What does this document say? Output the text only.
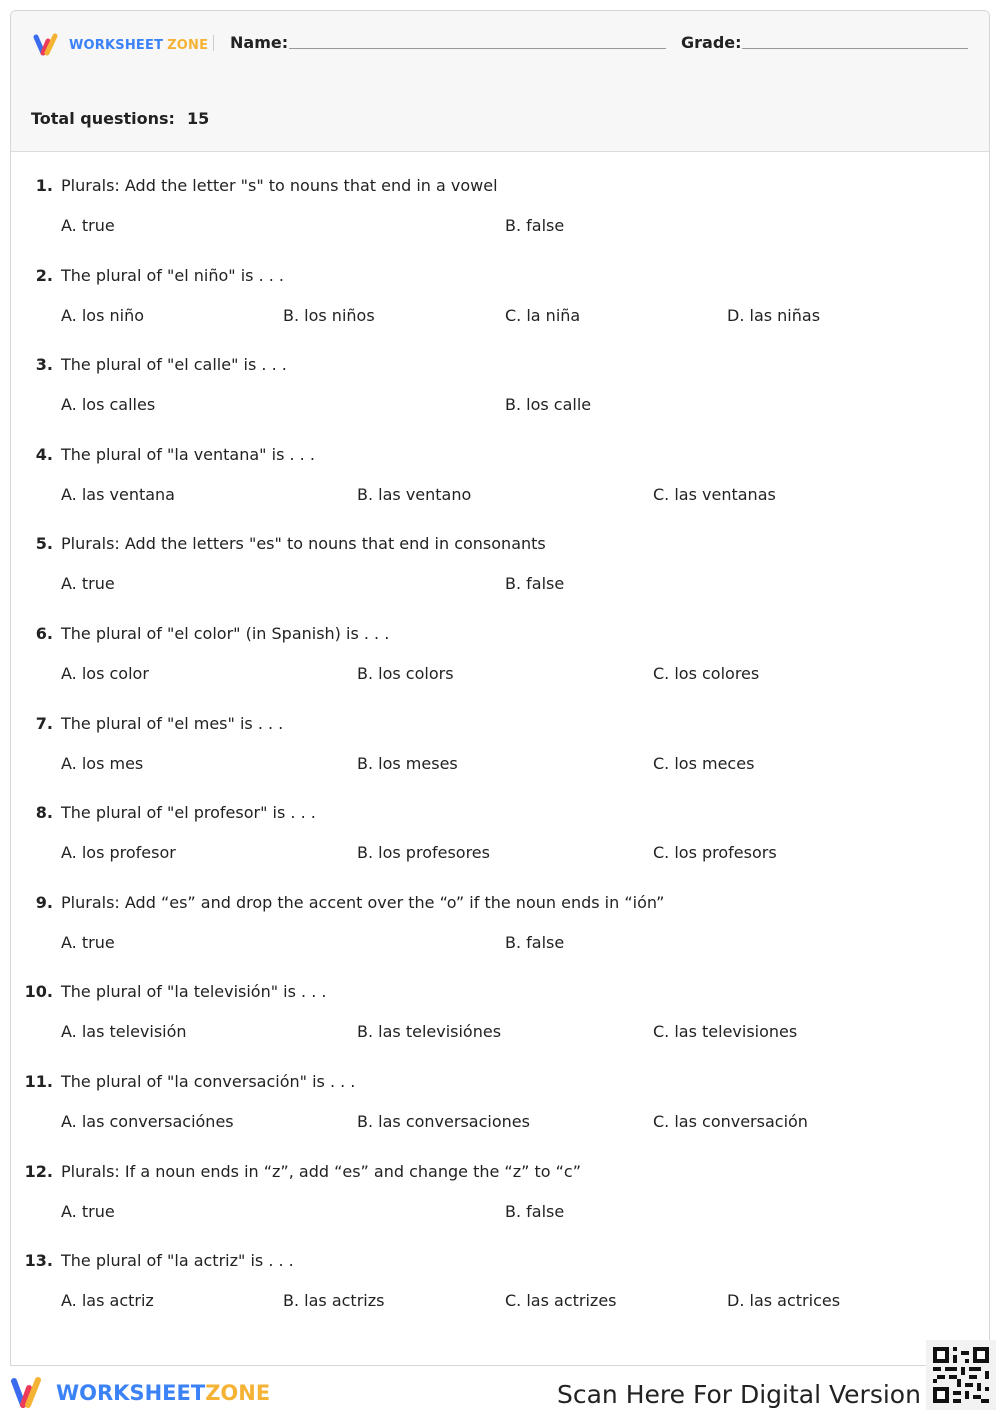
WORKSHEET ZONE Name:	Grade:
Total questions: 15
1. Plurals: Add the letter "s" to nouns that end in a vowel
A. true	B. false
2. The plural of "el niño" is . . .
A. los niño	B. los niños	C. la niña	D. las niñas
3. The plural of "el calle" is . . .
A. los calles	B. los calle
4. The plural of "la ventana" is . . .
A. las ventana	B. las ventano	C. las ventanas
5. Plurals: Add the letters "es" to nouns that end in consonants
A. true	B. false
6. The plural of "el color" (in Spanish) is . . .
A. los color	B. los colors	C. los colores
7. The plural of "el mes" is . . .
A. los mes	B. los meses	C. los meces
8. The plural of "el profesor" is . . .
A. los profesor	B. los profesores	C. los profesors
9. Plurals: Add “es” and drop the accent over the “o” if the noun ends in “ión”
A. true	B. false
10. The plural of "la televisión" is . . .
A. las televisión	B. las televisiónes	C. las televisiones
11. The plural of "la conversación" is . . .
A. las conversaciónes	B. las conversaciones	C. las conversación
12. Plurals: If a noun ends in “z”, add “es” and change the “z” to “c”
A. true	B. false
13. The plural of "la actriz" is . . .
A. las actriz	B. las actrizs	C. las actrizes	D. las actrices
WORKSHEETZONE	Scan Here For Digital Version
